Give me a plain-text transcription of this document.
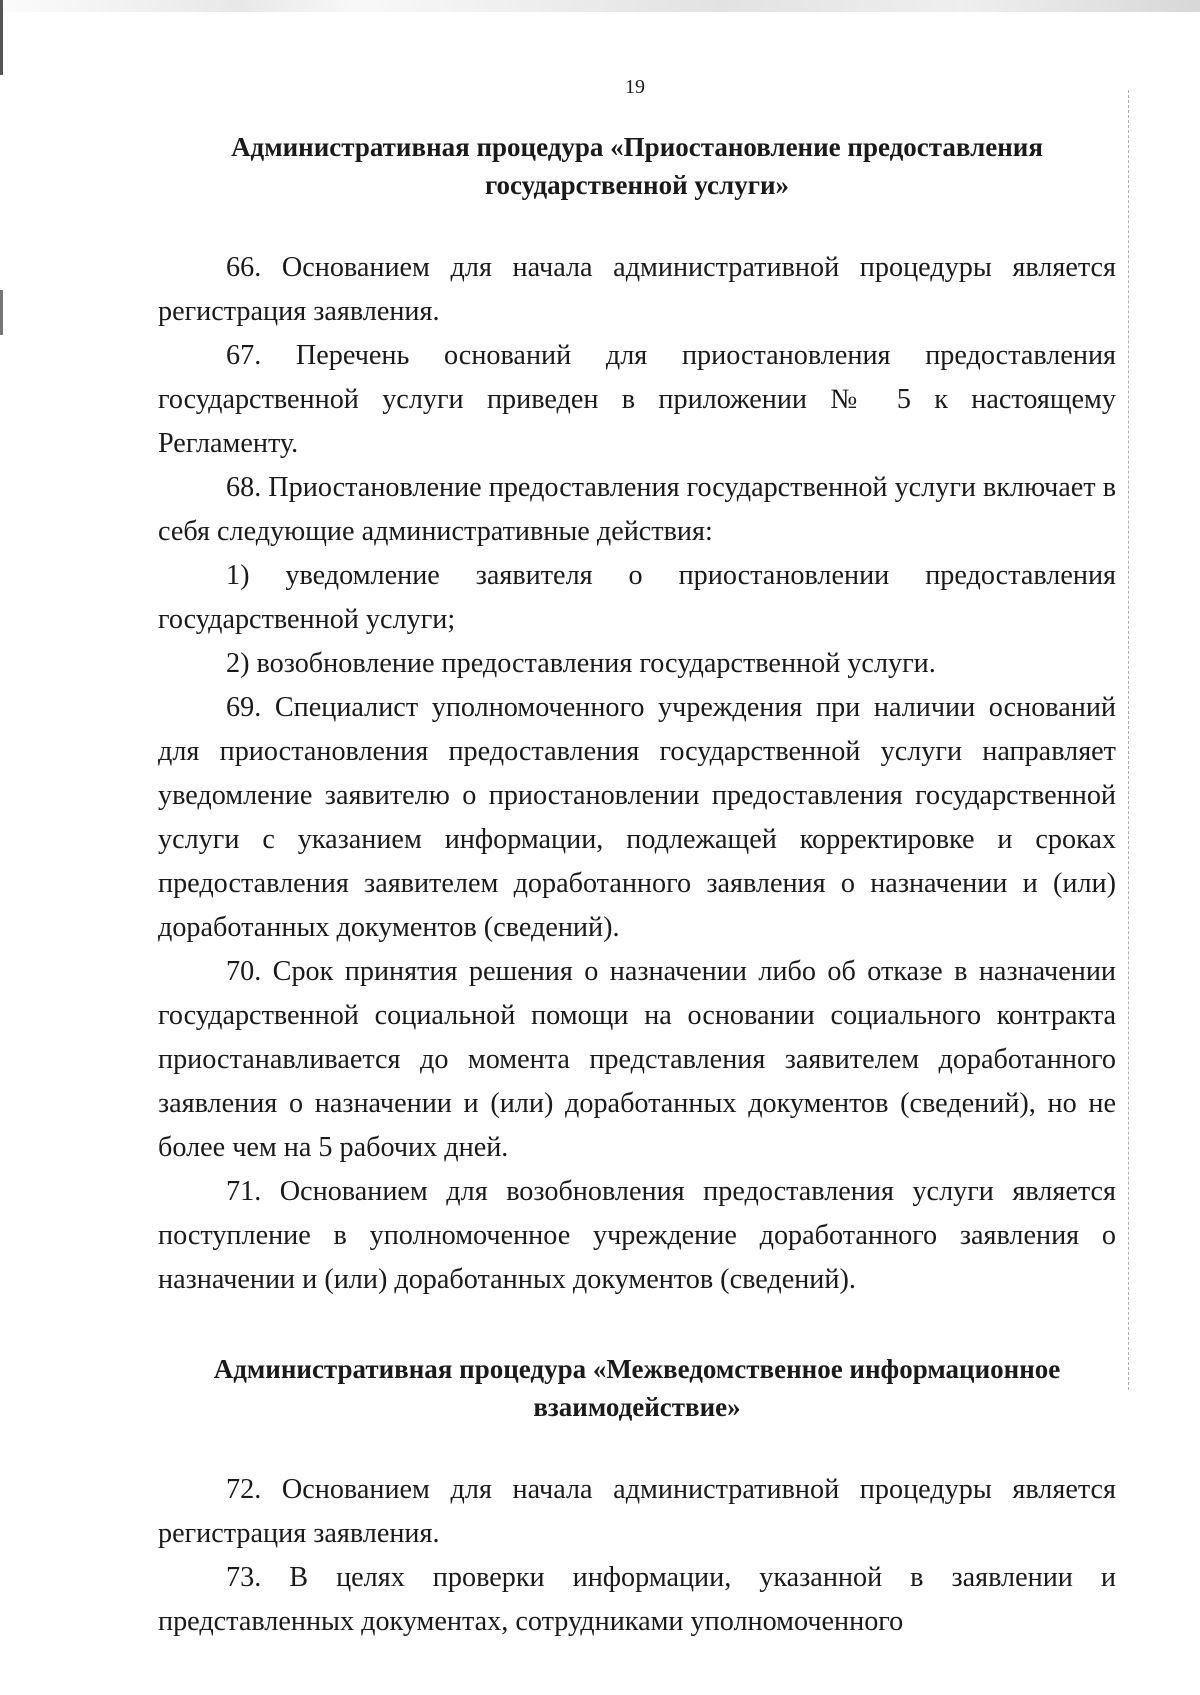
19
Административная процедура «Приостановление предоставления государственной услуги»

66. Основанием для начала административной процедуры является регистрация заявления.

67. Перечень оснований для приостановления предоставления государственной услуги приведен в приложении № 5 к настоящему Регламенту.

68. Приостановление предоставления государственной услуги включает в себя следующие административные действия:

1) уведомление заявителя о приостановлении предоставления государственной услуги;

2) возобновление предоставления государственной услуги.

69. Специалист уполномоченного учреждения при наличии оснований для приостановления предоставления государственной услуги направляет уведомление заявителю о приостановлении предоставления государственной услуги с указанием информации, подлежащей корректировке и сроках предоставления заявителем доработанного заявления о назначении и (или) доработанных документов (сведений).

70. Срок принятия решения о назначении либо об отказе в назначении государственной социальной помощи на основании социального контракта приостанавливается до момента представления заявителем доработанного заявления о назначении и (или) доработанных документов (сведений), но не более чем на 5 рабочих дней.

71. Основанием для возобновления предоставления услуги является поступление в уполномоченное учреждение доработанного заявления о назначении и (или) доработанных документов (сведений).

Административная процедура «Межведомственное информационное взаимодействие»

72. Основанием для начала административной процедуры является регистрация заявления.

73. В целях проверки информации, указанной в заявлении и представленных документах, сотрудниками уполномоченного
